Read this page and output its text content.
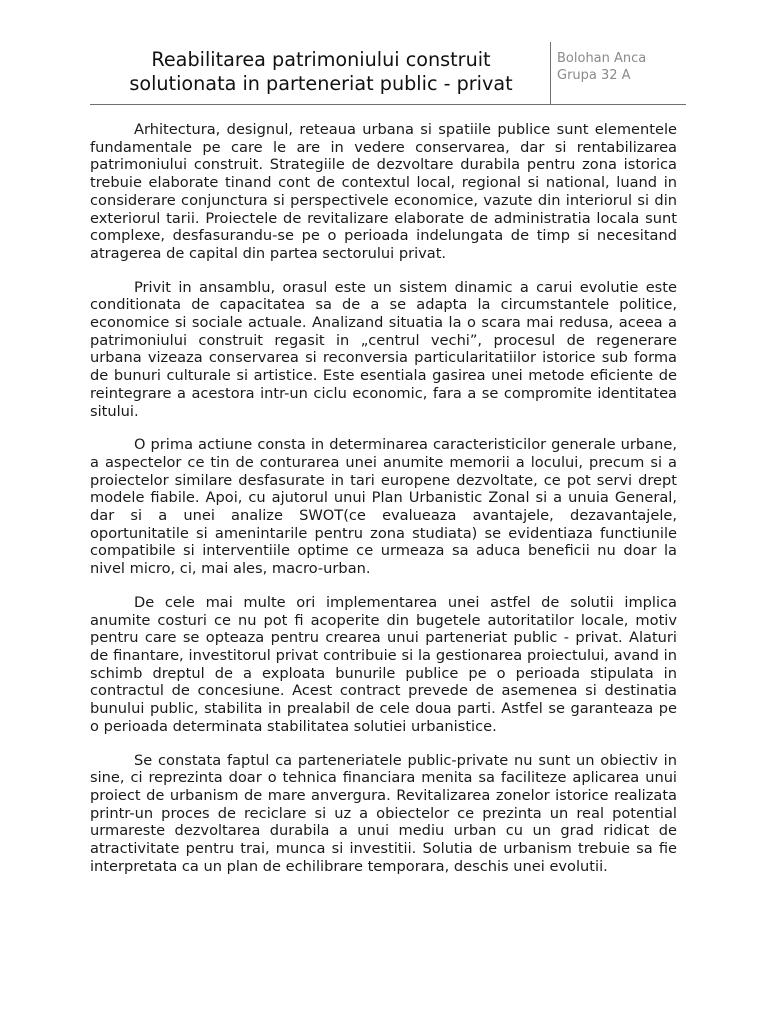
Reabilitarea patrimoniului construit
solutionata in parteneriat public - privat
Bolohan Anca
Grupa 32 A

Arhitectura, designul, reteaua urbana si spatiile publice sunt elementele fundamentale pe care le are in vedere conservarea, dar si rentabilizarea patrimoniului construit. Strategiile de dezvoltare durabila pentru zona istorica trebuie elaborate tinand cont de contextul local, regional si national, luand in considerare conjunctura si perspectivele economice, vazute din interiorul si din exteriorul tarii. Proiectele de revitalizare elaborate de administratia locala sunt complexe, desfasurandu-se pe o perioada indelungata de timp si necesitand atragerea de capital din partea sectorului privat.

Privit in ansamblu, orasul este un sistem dinamic a carui evolutie este conditionata de capacitatea sa de a se adapta la circumstantele politice, economice si sociale actuale. Analizand situatia la o scara mai redusa, aceea a patrimoniului construit regasit in „centrul vechi”, procesul de regenerare urbana vizeaza conservarea si reconversia particularitatiilor istorice sub forma de bunuri culturale si artistice. Este esentiala gasirea unei metode eficiente de reintegrare a acestora intr-un ciclu economic, fara a se compromite identitatea sitului.

O prima actiune consta in determinarea caracteristicilor generale urbane, a aspectelor ce tin de conturarea unei anumite memorii a locului, precum si a proiectelor similare desfasurate in tari europene dezvoltate, ce pot servi drept modele fiabile. Apoi, cu ajutorul unui Plan Urbanistic Zonal si a unuia General, dar si a unei analize SWOT(ce evalueaza avantajele, dezavantajele, oportunitatile si amenintarile pentru zona studiata) se evidentiaza functiunile compatibile si interventiile optime ce urmeaza sa aduca beneficii nu doar la nivel micro, ci, mai ales, macro-urban.

De cele mai multe ori implementarea unei astfel de solutii implica anumite costuri ce nu pot fi acoperite din bugetele autoritatilor locale, motiv pentru care se opteaza pentru crearea unui parteneriat public - privat. Alaturi de finantare, investitorul privat contribuie si la gestionarea proiectului, avand in schimb dreptul de a exploata bunurile publice pe o perioada stipulata in contractul de concesiune. Acest contract prevede de asemenea si destinatia bunului public, stabilita in prealabil de cele doua parti. Astfel se garanteaza pe o perioada determinata stabilitatea solutiei urbanistice.

Se constata faptul ca parteneriatele public-private nu sunt un obiectiv in sine, ci reprezinta doar o tehnica financiara menita sa faciliteze aplicarea unui proiect de urbanism de mare anvergura. Revitalizarea zonelor istorice realizata printr-un proces de reciclare si uz a obiectelor ce prezinta un real potential urmareste dezvoltarea durabila a unui mediu urban cu un grad ridicat de atractivitate pentru trai, munca si investitii. Solutia de urbanism trebuie sa fie interpretata ca un plan de echilibrare temporara, deschis unei evolutii.
